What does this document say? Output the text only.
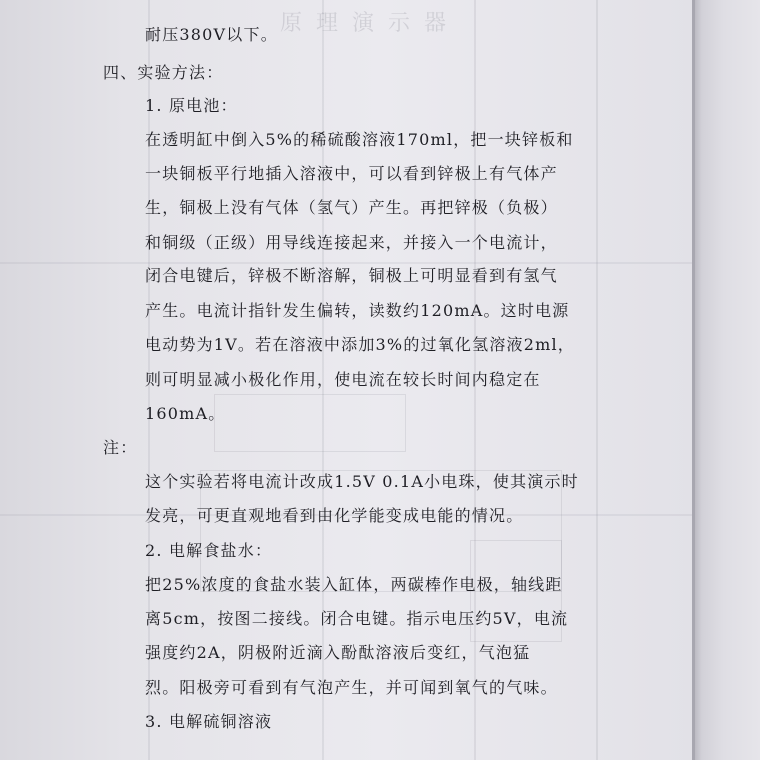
原理演示器
耐压380V以下。
四、实验方法：
1. 原电池：
在透明缸中倒入5%的稀硫酸溶液170ml，把一块锌板和
一块铜板平行地插入溶液中，可以看到锌极上有气体产
生，铜极上没有气体（氢气）产生。再把锌极（负极）
和铜级（正级）用导线连接起来，并接入一个电流计，
闭合电键后，锌极不断溶解，铜极上可明显看到有氢气
产生。电流计指针发生偏转，读数约120mA。这时电源
电动势为1V。若在溶液中添加3%的过氧化氢溶液2ml，
则可明显减小极化作用，使电流在较长时间内稳定在
160mA。
注：
这个实验若将电流计改成1.5V 0.1A小电珠，使其演示时
发亮，可更直观地看到由化学能变成电能的情况。
2. 电解食盐水：
把25%浓度的食盐水装入缸体，两碳棒作电极，轴线距
离5cm，按图二接线。闭合电键。指示电压约5V，电流
强度约2A，阴极附近滴入酚酞溶液后变红，气泡猛
烈。阳极旁可看到有气泡产生，并可闻到氧气的气味。
3. 电解硫铜溶液
